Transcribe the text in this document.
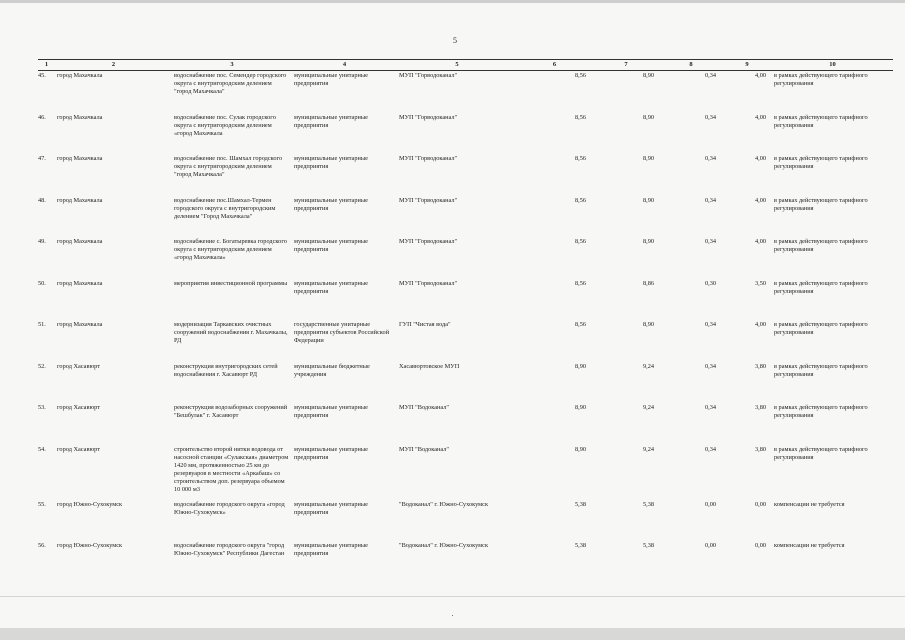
5
1	2	3	4	5	6	7	8	9	10
45.	город Махачкала	водоснабжение пос. Семендер городского округа с внутригородским делением "город Махачкала"	муниципальные унитарные предприятия	МУП "Горводоканал"	8,56	8,90	0,34	4,00	в рамках действующего тарифного регулирования
46.	город Махачкала	водоснабжение пос. Сулак городского округа с внутригородским делением «город Махачкала	муниципальные унитарные предприятия	МУП "Горводоканал"	8,56	8,90	0,34	4,00	в рамках действующего тарифного регулирования
47.	город Махачкала	водоснабжение пос. Шамхал городского округа с внутригородским делением "город Махачкала"	муниципальные унитарные предприятия	МУП "Горводоканал"	8,56	8,90	0,34	4,00	в рамках действующего тарифного регулирования
48.	город Махачкала	водоснабжение пос.Шамхал-Термен городского округа с внутригородским делением "Город Махачкала"	муниципальные унитарные предприятия	МУП "Горводоканал"	8,56	8,90	0,34	4,00	в рамках действующего тарифного регулирования
49.	город Махачкала	водоснабжение с. Богатыревка городского округа с внутригородским делением «город Махачкала»	муниципальные унитарные предприятия	МУП "Горводоканал"	8,56	8,90	0,34	4,00	в рамках действующего тарифного регулирования
50.	город Махачкала	мероприятия инвестиционной программы	муниципальные унитарные предприятия	МУП "Горводоканал"	8,56	8,86	0,30	3,50	в рамках действующего тарифного регулирования
51.	город Махачкала	модернизация Таркавских очистных сооружений водоснабжения г. Махачкалы, РД	государственные унитарные предприятия субъектов Российской Федерации	ГУП "Чистая вода"	8,56	8,90	0,34	4,00	в рамках действующего тарифного регулирования
52.	город Хасавюрт	реконструкция внутригородских сетей водоснабжения г. Хасавюрт РД	муниципальные бюджетные учреждения	Хасавюртовское МУП	8,90	9,24	0,34	3,80	в рамках действующего тарифного регулирования
53.	город Хасавюрт	реконструкция водозаборных сооружений "Бешбулак" г. Хасавюрт	муниципальные унитарные предприятия	МУП "Водоканал"	8,90	9,24	0,34	3,80	в рамках действующего тарифного регулирования
54.	город Хасавюрт	строительство второй нитки водовода от насосной станции «Сулакская» диаметром 1420 мм, протяженностью 25 км до резервуаров в местности «Аркабаш» со строительством доп. резервуара объемом 10 000 м3	муниципальные унитарные предприятия	МУП "Водоканал"	8,90	9,24	0,34	3,80	в рамках действующего тарифного регулирования
55.	город Южно-Сухокумск	водоснабжение городского округа «город Южно-Сухокумск»	муниципальные унитарные предприятия	"Водоканал" г. Южно-Сухокумск	5,38	5,38	0,00	0,00	компенсации не требуется
56.	город Южно-Сухокумск	водоснабжение городского округа "город Южно-Сухокумск" Республики Дагестан	муниципальные унитарные предприятия	"Водоканал" г. Южно-Сухокумск	5,38	5,38	0,00	0,00	компенсации не требуется
